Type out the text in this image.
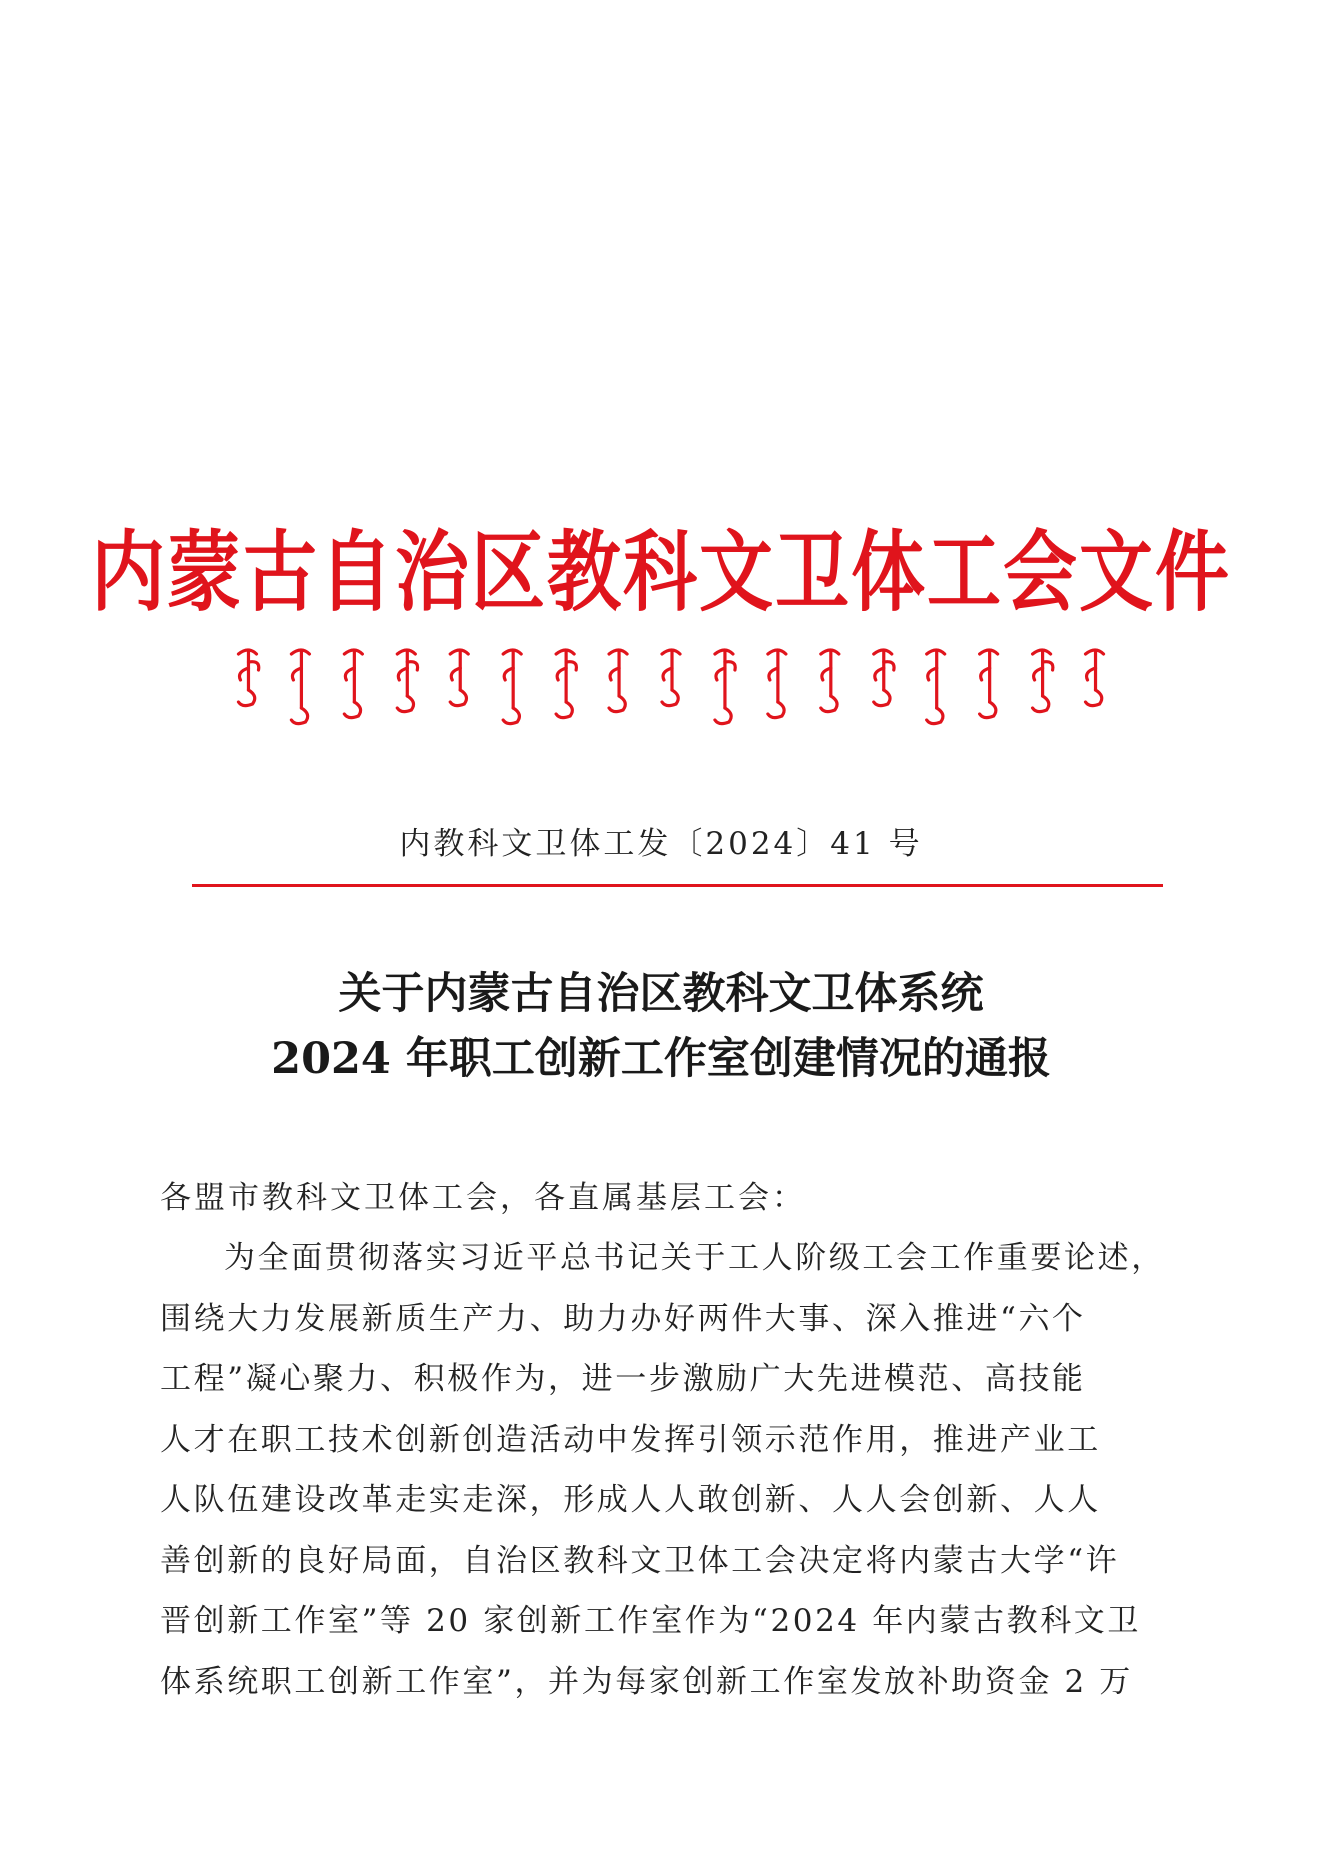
内蒙古自治区教科文卫体工会文件
内教科文卫体工发〔2024〕41 号
关于内蒙古自治区教科文卫体系统
2024 年职工创新工作室创建情况的通报
各盟市教科文卫体工会，各直属基层工会：
为全面贯彻落实习近平总书记关于工人阶级工会工作重要论述，
围绕大力发展新质生产力、助力办好两件大事、深入推进“六个
工程”凝心聚力、积极作为，进一步激励广大先进模范、高技能
人才在职工技术创新创造活动中发挥引领示范作用，推进产业工
人队伍建设改革走实走深，形成人人敢创新、人人会创新、人人
善创新的良好局面，自治区教科文卫体工会决定将内蒙古大学“许
晋创新工作室”等 20 家创新工作室作为“2024 年内蒙古教科文卫
体系统职工创新工作室”，并为每家创新工作室发放补助资金 2 万
